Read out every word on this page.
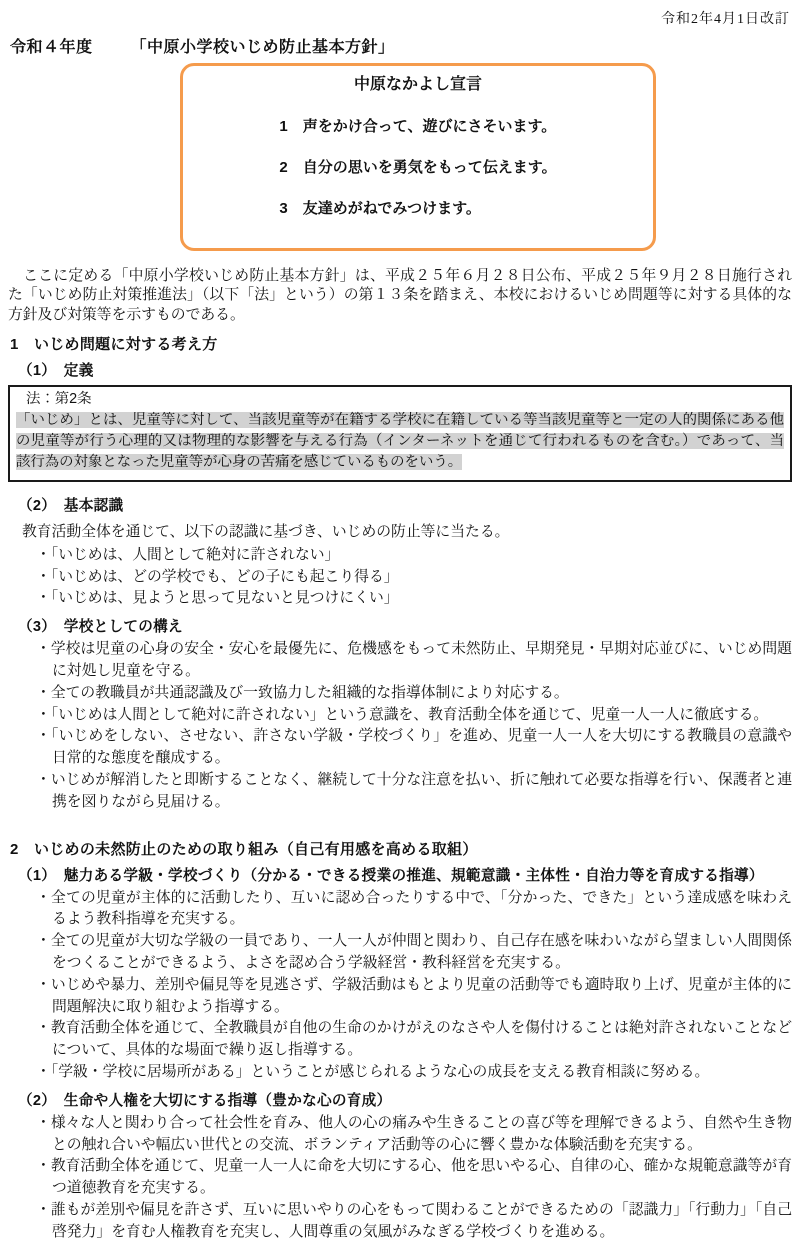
令和2年4月1日改訂
令和４年度 「中原小学校いじめ防止基本方針」
中原なかよし宣言

1　声をかけ合って、遊びにさそいます。

2　自分の思いを勇気をもって伝えます。

3　友達めがねでみつけます。

　ここに定める「中原小学校いじめ防止基本方針」は、平成２５年６月２８日公布、平成２５年９月２８日施行された「いじめ防止対策推進法」（以下「法」という）の第１３条を踏まえ、本校におけるいじめ問題等に対する具体的な方針及び対策等を示すものである。
1　いじめ問題に対する考え方
（1）　定義
法：第2条
「いじめ」とは、児童等に対して、当該児童等が在籍する学校に在籍している等当該児童等と一定の人的関係にある他の児童等が行う心理的又は物理的な影響を与える行為（インターネットを通じて行われるものを含む。）であって、当該行為の対象となった児童等が心身の苦痛を感じているものをいう。
（2）　基本認識
教育活動全体を通じて、以下の認識に基づき、いじめの防止等に当たる。
・ 「いじめは、人間として絶対に許されない」
・ 「いじめは、どの学校でも、どの子にも起こり得る」
・ 「いじめは、見ようと思って見ないと見つけにくい」
（3）　学校としての構え
・ 学校は児童の心身の安全・安心を最優先に、危機感をもって未然防止、早期発見・早期対応並びに、いじめ問題に対処し児童を守る。
・ 全ての教職員が共通認識及び一致協力した組織的な指導体制により対応する。
・ 「いじめは人間として絶対に許されない」という意識を、教育活動全体を通じて、児童一人一人に徹底する。
・ 「いじめをしない、させない、許さない学級・学校づくり」を進め、児童一人一人を大切にする教職員の意識や日常的な態度を醸成する。
・ いじめが解消したと即断することなく、継続して十分な注意を払い、折に触れて必要な指導を行い、保護者と連携を図りながら見届ける。
2　いじめの未然防止のための取り組み（自己有用感を高める取組）
（1）　魅力ある学級・学校づくり（分かる・できる授業の推進、規範意識・主体性・自治力等を育成する指導）
・ 全ての児童が主体的に活動したり、互いに認め合ったりする中で、「分かった、できた」という達成感を味わえるよう教科指導を充実する。
・ 全ての児童が大切な学級の一員であり、一人一人が仲間と関わり、自己存在感を味わいながら望ましい人間関係をつくることができるよう、よさを認め合う学級経営・教科経営を充実する。
・ いじめや暴力、差別や偏見等を見逃さず、学級活動はもとより児童の活動等でも適時取り上げ、児童が主体的に問題解決に取り組むよう指導する。
・ 教育活動全体を通じて、全教職員が自他の生命のかけがえのなさや人を傷付けることは絶対許されないことなどについて、具体的な場面で繰り返し指導する。
・ 「学級・学校に居場所がある」ということが感じられるような心の成長を支える教育相談に努める。
（2）　生命や人権を大切にする指導（豊かな心の育成）
・ 様々な人と関わり合って社会性を育み、他人の心の痛みや生きることの喜び等を理解できるよう、自然や生き物との触れ合いや幅広い世代との交流、ボランティア活動等の心に響く豊かな体験活動を充実する。
・ 教育活動全体を通じて、児童一人一人に命を大切にする心、他を思いやる心、自律の心、確かな規範意識等が育つ道徳教育を充実する。
・ 誰もが差別や偏見を許さず、互いに思いやりの心をもって関わることができるための「認識力」「行動力」「自己啓発力」を育む人権教育を充実し、人間尊重の気風がみなぎる学校づくりを進める。
